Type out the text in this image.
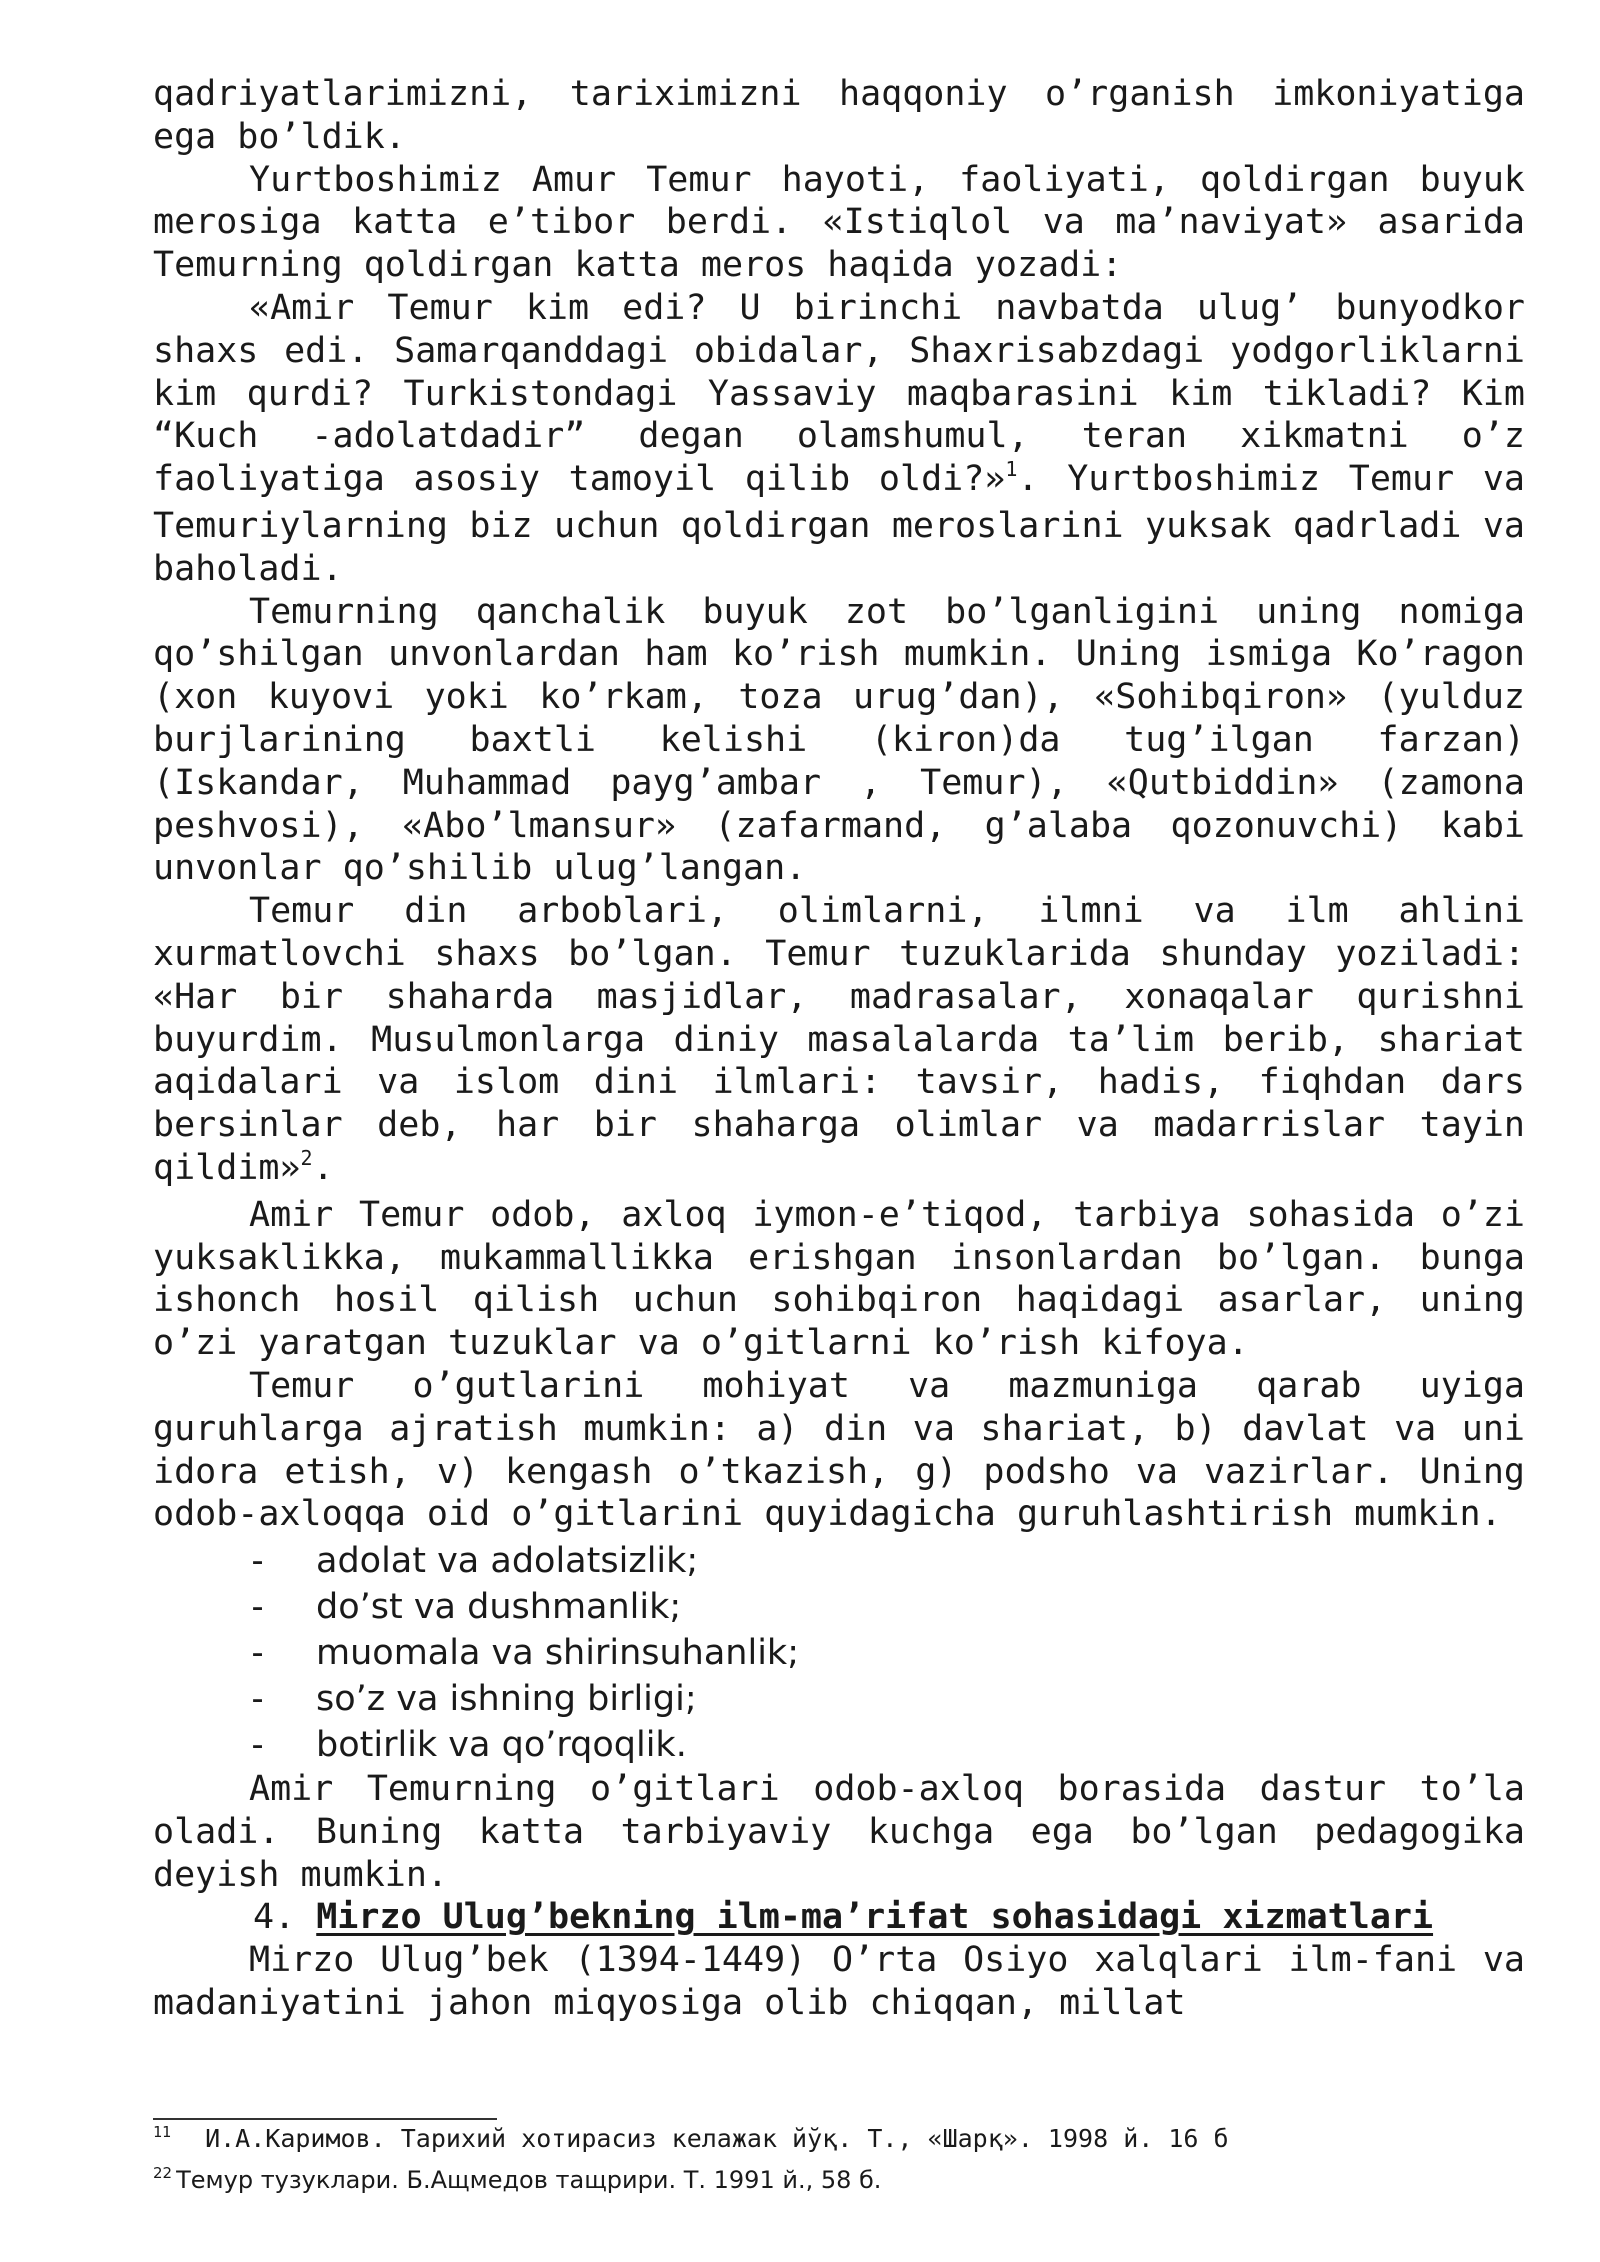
qadriyatlarimizni, tariximizni haqqoniy o’rganish imkoniyatiga ega bo’ldik.

Yurtboshimiz Amur Temur hayoti, faoliyati, qoldirgan buyuk merosiga katta e’tibor berdi. «Istiqlol va ma’naviyat» asarida Temurning qoldirgan katta meros haqida yozadi:

«Amir Temur kim edi? U birinchi navbatda ulug’ bunyodkor shaxs edi. Samarqanddagi obidalar, Shaxrisabzdagi yodgorliklarni kim qurdi? Turkistondagi Yassaviy maqbarasini kim tikladi? Kim “Kuch -adolatdadir” degan olamshumul, teran xikmatni o’z faoliyatiga asosiy tamoyil qilib oldi?»$^1$. Yurtboshimiz Temur va Temuriylarning biz uchun qoldirgan meroslarini yuksak qadrladi va baholadi.

Temurning qanchalik buyuk zot bo’lganligini uning nomiga qo’shilgan unvonlardan ham ko’rish mumkin. Uning ismiga Ko’ragon (xon kuyovi yoki ko’rkam, toza urug’dan), «Sohibqiron» (yulduz burjlarining baxtli kelishi (kiron)da tug’ilgan farzan) (Iskandar, Muhammad payg’ambar , Temur), «Qutbiddin» (zamona peshvosi), «Abo’lmansur» (zafarmand, g’alaba qozonuvchi) kabi unvonlar qo’shilib ulug’langan.

Temur din arboblari, olimlarni, ilmni va ilm ahlini xurmatlovchi shaxs bo’lgan. Temur tuzuklarida shunday yoziladi: «Har bir shaharda masjidlar, madrasalar, xonaqalar qurishni buyurdim. Musulmonlarga diniy masalalarda ta’lim berib, shariat aqidalari va islom dini ilmlari: tavsir, hadis, fiqhdan dars bersinlar deb, har bir shaharga olimlar va madarrislar tayin qildim»$^2$.

Amir Temur odob, axloq iymon-e’tiqod, tarbiya sohasida o’zi yuksaklikka, mukammallikka erishgan insonlardan bo’lgan. bunga ishonch hosil qilish uchun sohibqiron haqidagi asarlar, uning o’zi yaratgan tuzuklar va o’gitlarni ko’rish kifoya.

Temur o’gutlarini mohiyat va mazmuniga qarab uyiga guruhlarga ajratish mumkin: a) din va shariat, b) davlat va uni idora etish, v) kengash o’tkazish, g) podsho va vazirlar. Uning odob-axloqqa oid o’gitlarini quyidagicha guruhlashtirish mumkin.

- adolat va adolatsizlik;
- do’st va dushmanlik;
- muomala va shirinsuhanlik;
- so’z va ishning birligi;
- botirlik va qo’rqoqlik.

Amir Temurning o’gitlari odob-axloq borasida dastur to’la oladi. Buning katta tarbiyaviy kuchga ega bo’lgan pedagogika deyish mumkin.

4. Mirzo Ulug’bekning ilm-ma’rifat sohasidagi xizmatlari

Mirzo Ulug’bek (1394-1449) O’rta Osiyo xalqlari ilm-fani va madaniyatini jahon miqyosiga olib chiqqan, millat

$^{11}$ И.А.Каримов. Тарихий хотирасиз келажак йўқ. Т., «Шарқ». 1998 й. 16 б
$^{22}$ Темур тузуклари. Б.Ащмедов тащрири. Т. 1991 й., 58 б.
